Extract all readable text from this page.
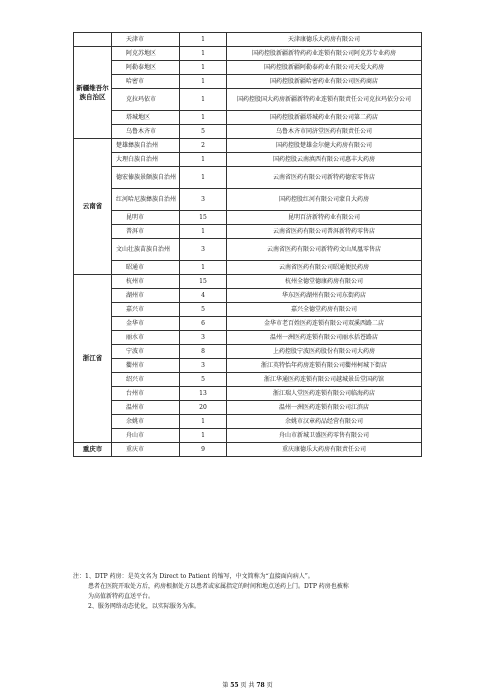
	天津市	1	天津康德乐大药房有限公司
新疆维吾尔族自治区	阿克苏地区	1	国药控股新疆新特药药业连锁有限公司阿克苏专业药房
	阿勒泰地区	1	国药控股新疆阿勒泰药业有限公司天爱大药房
	哈密市	1	国药控股新疆哈密药业有限公司医药商店
	克拉玛依市	1	国药控股国大药房新疆新特药业连锁有限责任公司克拉玛依分公司
	塔城地区	1	国药控股新疆塔城药业有限公司第二药店
	乌鲁木齐市	5	乌鲁木齐市同济堂医药有限责任公司
云南省	楚雄彝族自治州	2	国药控股楚雄金尔健大药房有限公司
	大理白族自治州	1	国药控股云南滇西有限公司惠丰大药房
	德宏傣族景颇族自治州	1	云南省医药有限公司新特药德宏零售店
	红河哈尼族彝族自治州	3	国药控股红河有限公司蒙自大药房
	昆明市	15	昆明百济新特药业有限公司
	普洱市	1	云南省医药有限公司普洱新特药零售店
	文山壮族苗族自治州	3	云南省医药有限公司新特药文山凤凰零售店
	昭通市	1	云南省医药有限公司昭通便民药房
浙江省	杭州市	15	杭州全德堂德康药房有限公司
	湖州市	4	华东医药湖州有限公司东街药店
	嘉兴市	5	嘉兴全德堂药房有限公司
	金华市	6	金华市老百姓医药连锁有限公司双溪西路二店
	丽水市	3	温州一洲医药连锁有限公司丽水括苍路店
	宁波市	8	上药控股宁波医药股份有限公司大药房
	衢州市	3	浙江英特怡年药房连锁有限公司衢州柯城下街店
	绍兴市	5	浙江华通医药连锁有限公司越城景岳堂国药馆
	台州市	13	浙江瑞人堂医药连锁有限公司临海药店
	温州市	20	温州一洲医药连锁有限公司江滨店
	余姚市	1	余姚市汉章药品经营有限公司
	舟山市	1	舟山市新城卫盛医药零售有限公司
重庆市	重庆市	9	重庆康德乐大药房有限责任公司

注：1、DTP 药房：是英文名为 Direct to Patient 的缩写，中文简称为“直接面向病人”。

患者在医院开取处方后，药房根据处方以患者或家属指定的时间和地点送药上门。DTP 药房也被称

为高值新特药直送平台。

2、服务网络动态优化，以实际服务为准。

第 55 页 共 78 页
